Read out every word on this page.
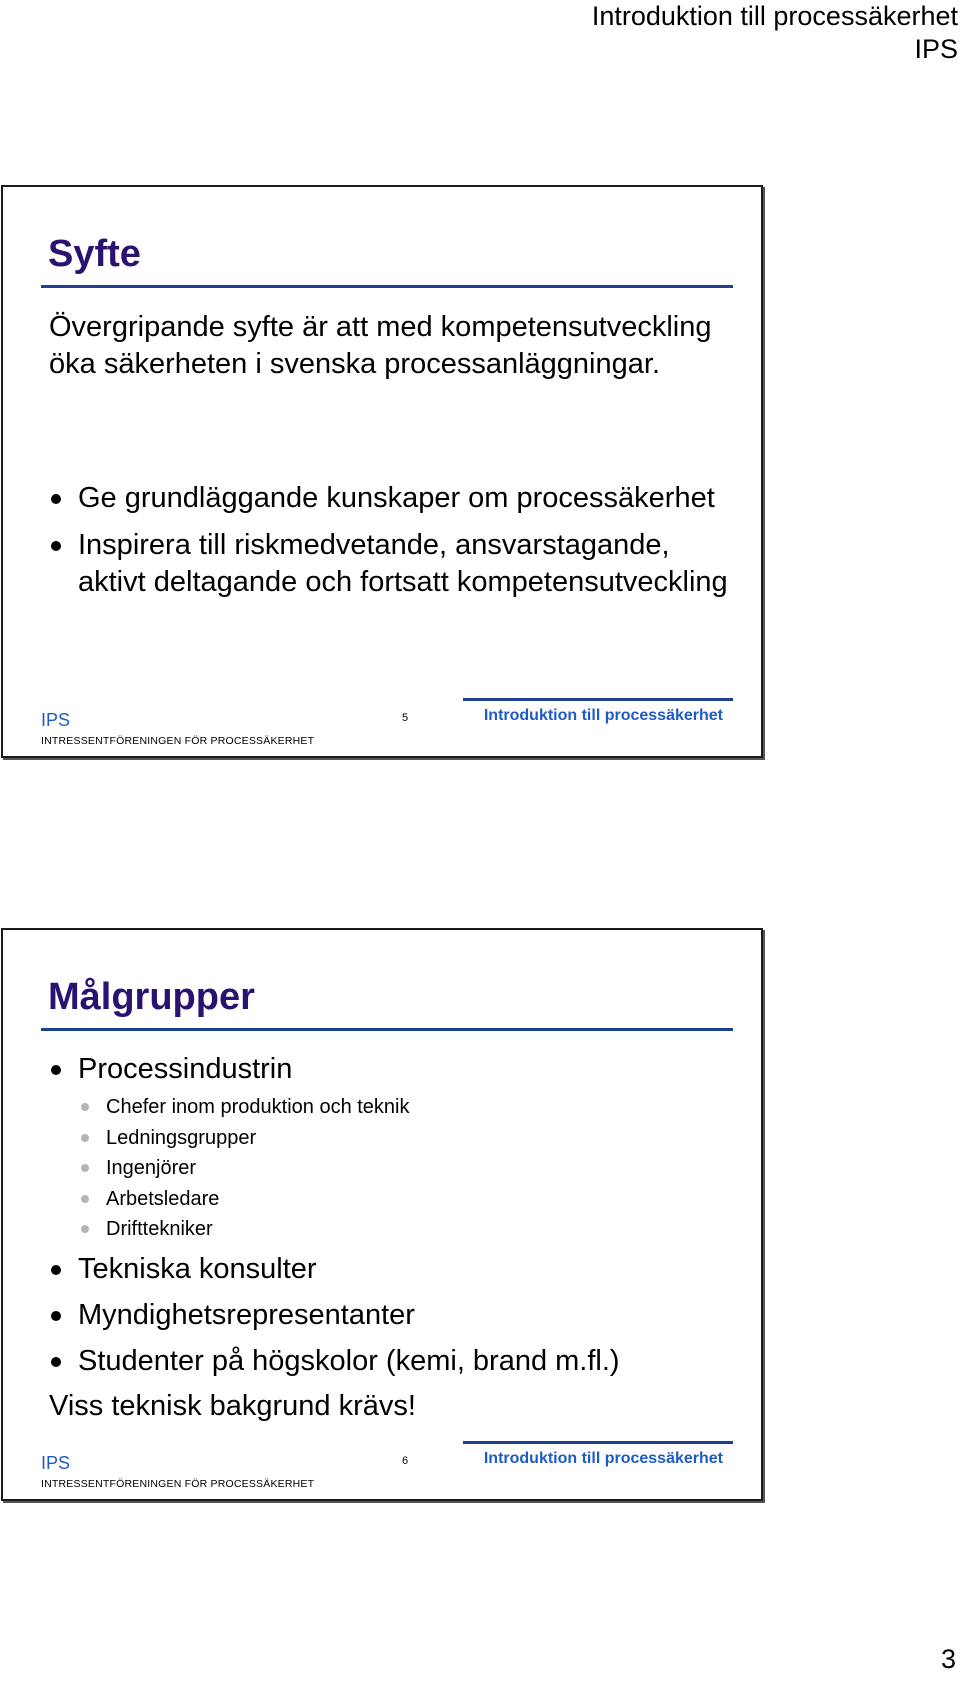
Introduktion till processäkerhet
IPS
Syfte

Övergripande syfte är att med kompetensutveckling öka säkerheten i svenska processanläggningar.

Ge grundläggande kunskaper om processäkerhet
Inspirera till riskmedvetande, ansvarstagande, aktivt deltagande och fortsatt kompetensutveckling
IPS
INTRESSENTFÖRENINGEN FÖR PROCESSÄKERHET
5	Introduktion till processäkerhet
Målgrupper
Processindustrin
Chefer inom produktion och teknik
Ledningsgrupper
Ingenjörer
Arbetsledare
Drifttekniker
Tekniska konsulter
Myndighetsrepresentanter
Studenter på högskolor (kemi, brand m.fl.)

Viss teknisk bakgrund krävs!

IPS
INTRESSENTFÖRENINGEN FÖR PROCESSÄKERHET
6	Introduktion till processäkerhet
3
